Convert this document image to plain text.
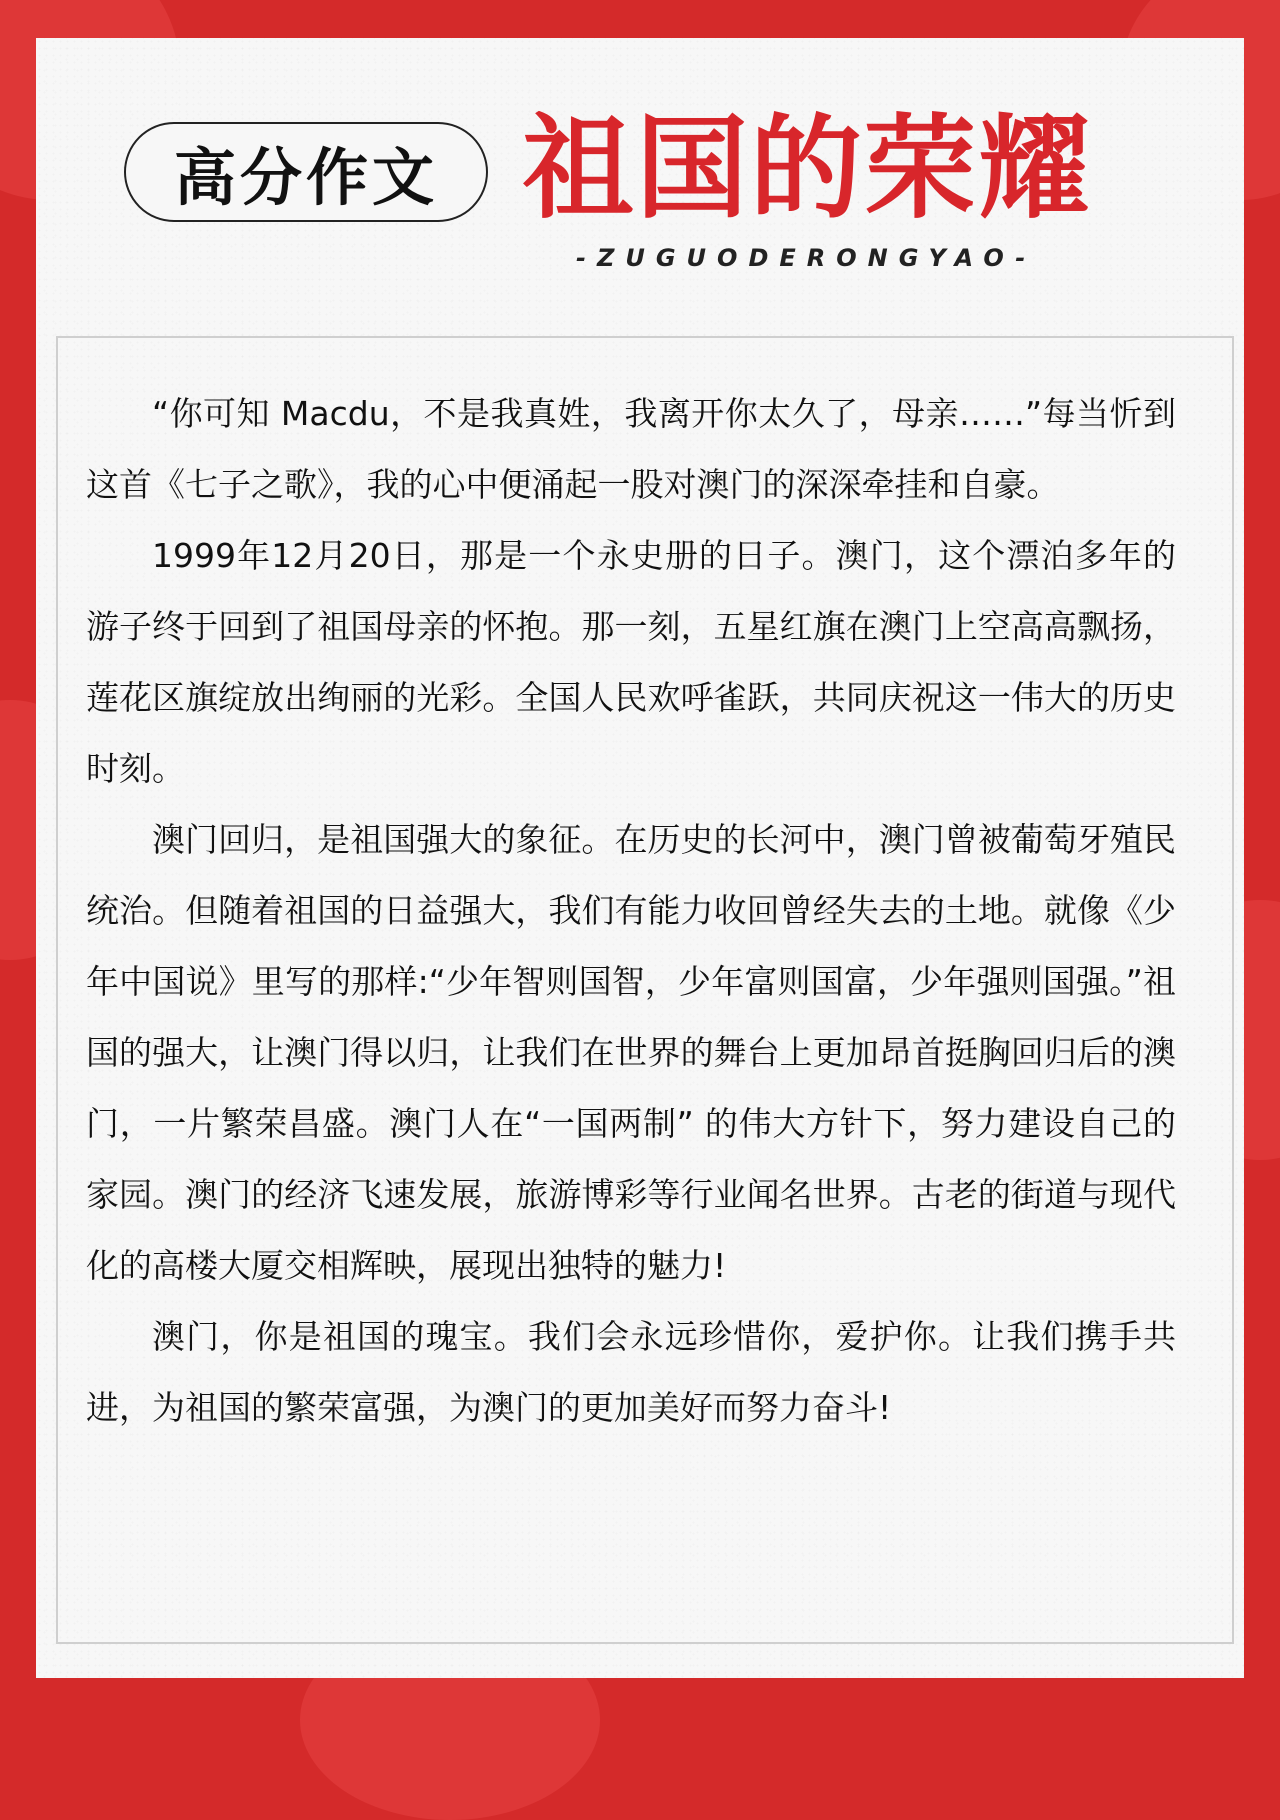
高分作文 祖国的荣耀
-ZUGUODERONGYAO-

“你可知 Macdu，不是我真姓，我离开你太久了，母亲……”每当忻到这首《七子之歌》，我的心中便涌起一股对澳门的深深牵挂和自豪。

1999年12月20日，那是一个永史册的日子。澳门，这个漂泊多年的游子终于回到了祖国母亲的怀抱。那一刻，五星红旗在澳门上空高高飘扬，莲花区旗绽放出绚丽的光彩。全国人民欢呼雀跃，共同庆祝这一伟大的历史时刻。

澳门回归，是祖国强大的象征。在历史的长河中，澳门曾被葡萄牙殖民统治。但随着祖国的日益强大，我们有能力收回曾经失去的土地。就像《少年中国说》里写的那样:“少年智则国智，少年富则国富，少年强则国强。”祖国的强大，让澳门得以归，让我们在世界的舞台上更加昂首挺胸回归后的澳门，一片繁荣昌盛。澳门人在“一国两制” 的伟大方针下，努力建设自己的家园。澳门的经济飞速发展，旅游博彩等行业闻名世界。古老的街道与现代化的高楼大厦交相辉映，展现出独特的魅力!

澳门，你是祖国的瑰宝。我们会永远珍惜你，爱护你。让我们携手共进，为祖国的繁荣富强，为澳门的更加美好而努力奋斗!
